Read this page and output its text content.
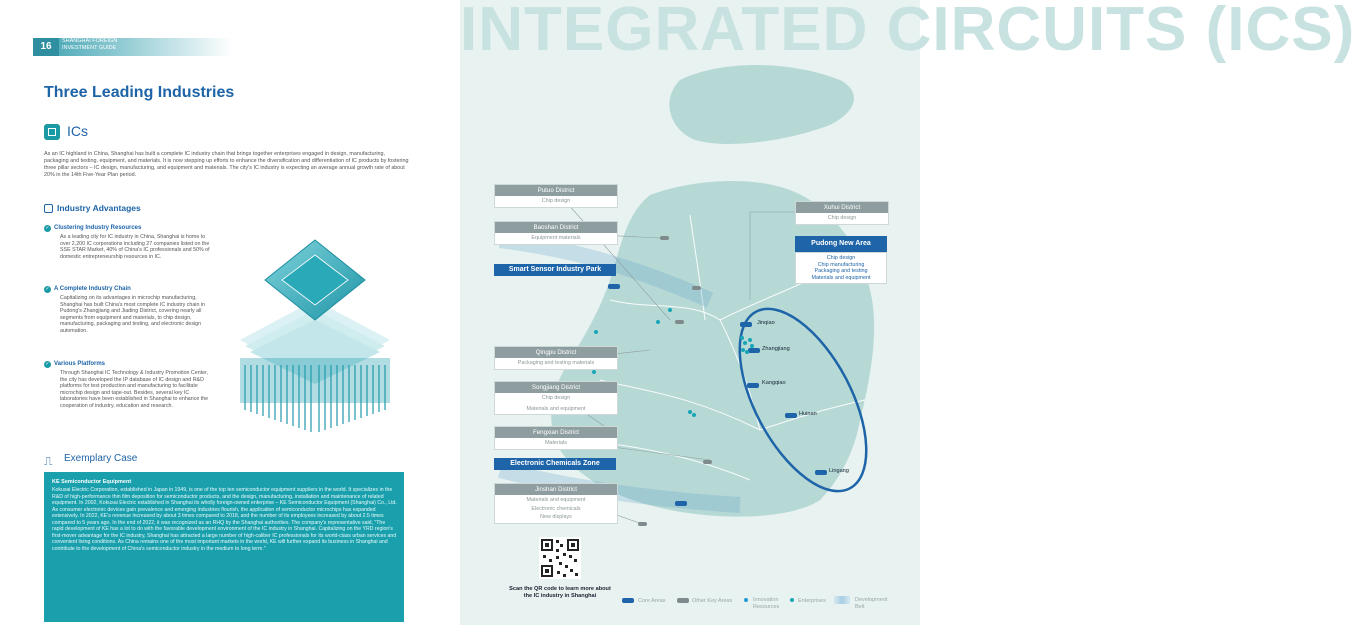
16	SHANGHAI FOREIGN INVESTMENT GUIDE
Three Leading Industries
ICs
As an IC highland in China, Shanghai has built a complete IC industry chain that brings together enterprises engaged in design, manufacturing, packaging and testing, equipment, and materials. It is now stepping up efforts to enhance the diversification and differentiation of IC products by fostering three pillar sectors – IC design, manufacturing, and equipment and materials. The city's IC industry is expecting an average annual growth rate of about 20% in the 14th Five-Year Plan period.
Industry Advantages
✓ Clustering Industry Resources
As a leading city for IC industry in China, Shanghai is home to over 2,200 IC corporations including 27 companies listed on the SSE STAR Market, 40% of China's IC professionals and 50% of domestic entrepreneurship resources in IC.
✓ A Complete Industry Chain
Capitalizing on its advantages in microchip manufacturing, Shanghai has built China's most complete IC industry chain in Pudong's Zhangjiang and Jiading District, covering nearly all segments from equipment and materials, to chip design, manufacturing, packaging and testing, and electronic design automation.
✓ Various Platforms
Through Shanghai IC Technology & Industry Promotion Center, the city has developed the IP database of IC design and R&D platforms for test production and manufacturing to facilitate microchip design and tape-out. Besides, several key IC laboratories have been established in Shanghai to enhance the cooperation of industry, education and research.
⎍ Exemplary Case
KE Semiconductor Equipment
Kokusai Electric Corporation, established in Japan in 1949, is one of the top ten semiconductor equipment suppliers in the world. It specializes in the R&D of high-performance thin film deposition for semiconductor products, and the design, manufacturing, installation and maintenance of related equipment. In 2002, Kokusai Electric established in Shanghai its wholly foreign-owned enterprise – KE Semiconductor Equipment (Shanghai) Co., Ltd. As consumer electronic devices gain prevalence and emerging industries flourish, the application of semiconductor microchips has expanded extensively. In 2022, KE's revenue increased by about 3 times compared to 2018, and the number of its employees increased by about 2.5 times compared to 5 years ago. In the end of 2022, it was recognized as an RHQ by the Shanghai authorities. The company's representative said, "The rapid development of KE has a lot to do with the favorable development environment of the IC industry in Shanghai. Capitalizing on the YRD region's first-mover advantage for the IC industry, Shanghai has attracted a large number of high-caliber IC professionals for its world-class urban services and convenient living conditions. As China remains one of the most important markets in the world, KE will further expand its business in Shanghai and contribute to the development of China's semiconductor industry in the medium to long term."
INTEGRATED CIRCUITS (ICS)
Putuo District
Chip design
Baoshan District
Equipment materials
Smart Sensor Industry Park
Qingpu District
Packaging and testing materials
Songjiang District
Chip design
Materials and equipment
Fengxian District
Materials
Electronic Chemicals Zone
Jinshan District
Materials and equipment
Electronic chemicals
New displays
Xuhui District
Chip design
Pudong New Area
Chip design
Chip manufacturing
Packaging and testing
Materials and equipment
Jinqiao
Zhangjiang
Kangqiao
Huinan
Lingang
Scan the QR code to learn more about the IC industry in Shanghai
Core Areas	Other Key Areas	Innovation Resources
Enterprises	Development Belt
